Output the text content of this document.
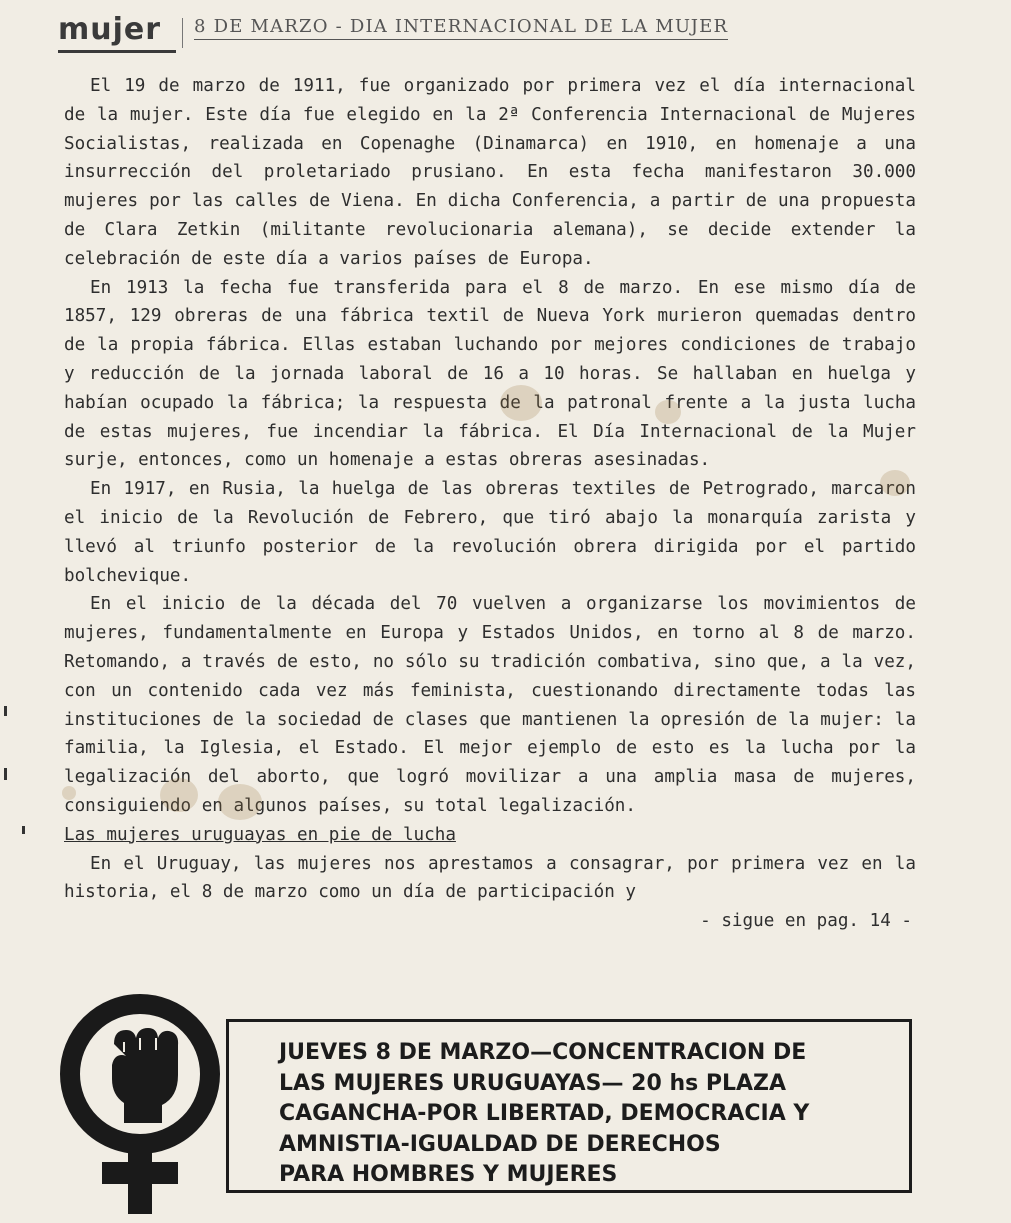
mujer 8 DE MARZO - DIA INTERNACIONAL DE LA MUJER

El 19 de marzo de 1911, fue organizado por primera vez el día internacional de la mujer. Este día fue elegido en la 2ª Conferencia Internacional de Mujeres Socialistas, realizada en Copenaghe (Dinamarca) en 1910, en homenaje a una insurrección del proletariado prusiano. En esta fecha manifestaron 30.000 mujeres por las calles de Viena. En dicha Conferencia, a partir de una propuesta de Clara Zetkin (militante revolucionaria alemana), se decide extender la celebración de este día a varios países de Europa.

En 1913 la fecha fue transferida para el 8 de marzo. En ese mismo día de 1857, 129 obreras de una fábrica textil de Nueva York murieron quemadas dentro de la propia fábrica. Ellas estaban luchando por mejores condiciones de trabajo y reducción de la jornada laboral de 16 a 10 horas. Se hallaban en huelga y habían ocupado la fábrica; la respuesta de la patronal frente a la justa lucha de estas mujeres, fue incendiar la fábrica. El Día Internacional de la Mujer surje, entonces, como un homenaje a estas obreras asesinadas.

En 1917, en Rusia, la huelga de las obreras textiles de Petrogrado, marcaron el inicio de la Revolución de Febrero, que tiró abajo la monarquía zarista y llevó al triunfo posterior de la revolución obrera dirigida por el partido bolchevique.

En el inicio de la década del 70 vuelven a organizarse los movimientos de mujeres, fundamentalmente en Europa y Estados Unidos, en torno al 8 de marzo. Retomando, a través de esto, no sólo su tradición combativa, sino que, a la vez, con un contenido cada vez más feminista, cuestionando directamente todas las instituciones de la sociedad de clases que mantienen la opresión de la mujer: la familia, la Iglesia, el Estado. El mejor ejemplo de esto es la lucha por la legalización del aborto, que logró movilizar a una amplia masa de mujeres, consiguiendo en algunos países, su total legalización.

Las mujeres uruguayas en pie de lucha

En el Uruguay, las mujeres nos aprestamos a consagrar, por primera vez en la historia, el 8 de marzo como un día de participación y

- sigue en pag. 14 -

JUEVES 8 DE MARZO—CONCENTRACION DE
LAS MUJERES URUGUAYAS— 20 hs PLAZA
CAGANCHA-POR LIBERTAD, DEMOCRACIA Y
AMNISTIA-IGUALDAD DE DERECHOS
PARA HOMBRES Y MUJERES
